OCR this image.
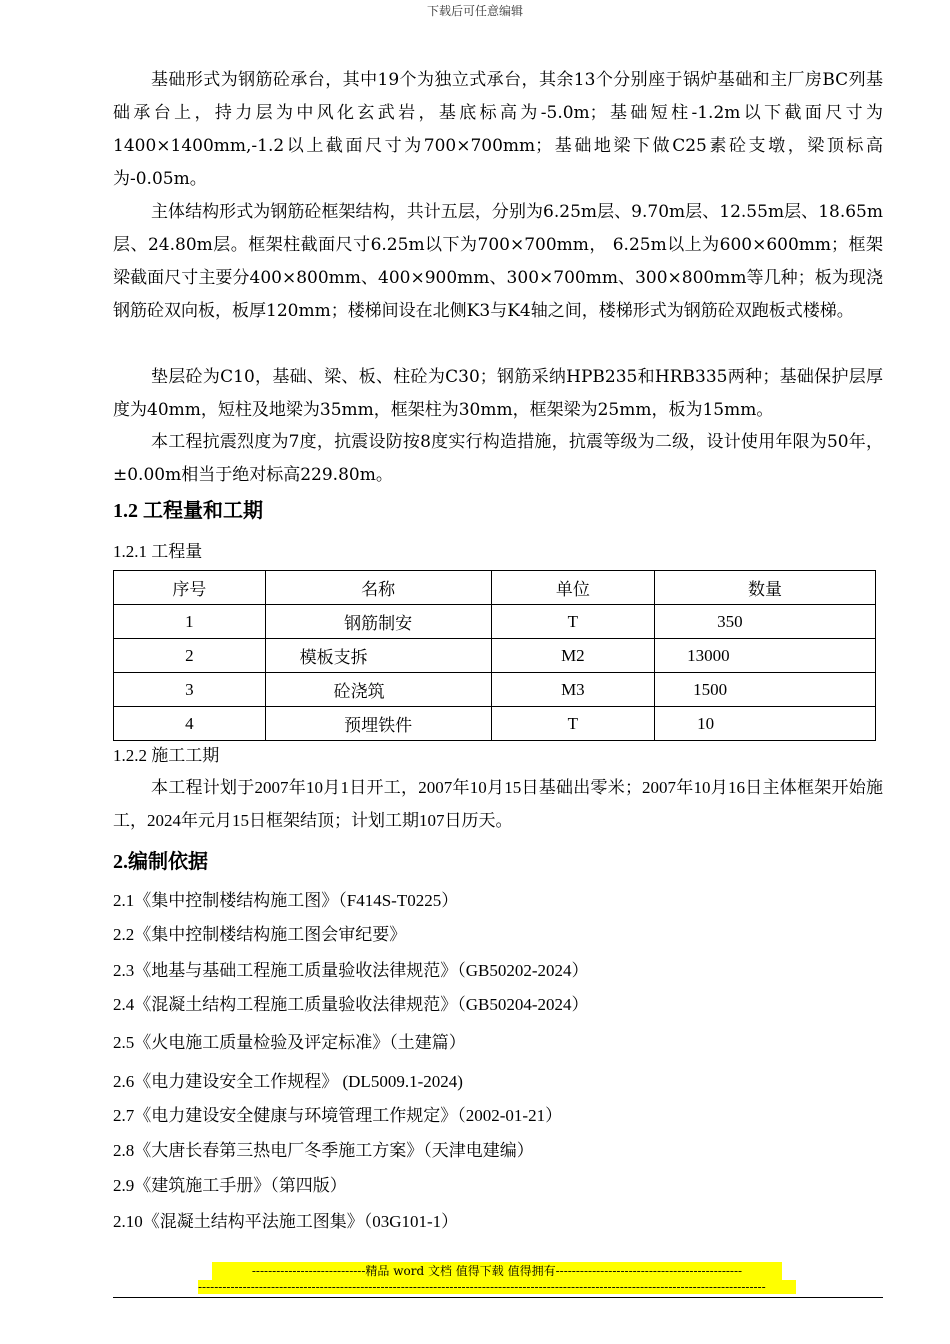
下载后可任意编辑

基础形式为钢筋砼承台，其中19个为独立式承台，其余13个分别座于锅炉基础和主厂房BC列基础承台上，持力层为中风化玄武岩，基底标高为-5.0m；基础短柱-1.2m以下截面尺寸为1400×1400mm,-1.2以上截面尺寸为700×700mm；基础地梁下做C25素砼支墩，梁顶标高为-0.05m。

主体结构形式为钢筋砼框架结构，共计五层，分别为6.25m层、9.70m层、12.55m层、18.65m层、24.80m层。框架柱截面尺寸6.25m以下为700×700mm， 6.25m以上为600×600mm；框架梁截面尺寸主要分400×800mm、400×900mm、300×700mm、300×800mm等几种；板为现浇钢筋砼双向板，板厚120mm；楼梯间设在北侧K3与K4轴之间，楼梯形式为钢筋砼双跑板式楼梯。

垫层砼为C10，基础、梁、板、柱砼为C30；钢筋采纳HPB235和HRB335两种；基础保护层厚度为40mm，短柱及地梁为35mm，框架柱为30mm，框架梁为25mm，板为15mm。

本工程抗震烈度为7度，抗震设防按8度实行构造措施，抗震等级为二级，设计使用年限为50年，±0.00m相当于绝对标高229.80m。

1.2 工程量和工期
1.2.1 工程量
序号	名称	单位	数量
1	钢筋制安	T	350
2	模板支拆	M2	13000
3	砼浇筑	M3	1500
4	预埋铁件	T	10
1.2.2 施工工期

本工程计划于2007年10月1日开工，2007年10月15日基础出零米；2007年10月16日主体框架开始施工，2024年元月15日框架结顶；计划工期107日历天。

2.编制依据
2.1《集中控制楼结构施工图》（F414S-T0225）
2.2《集中控制楼结构施工图会审纪要》
2.3《地基与基础工程施工质量验收法律规范》（GB50202-2024）
2.4《混凝土结构工程施工质量验收法律规范》（GB50204-2024）
2.5《火电施工质量检验及评定标准》（土建篇）
2.6《电力建设安全工作规程》 (DL5009.1-2024)
2.7《电力建设安全健康与环境管理工作规定》（2002-01-21）
2.8《大唐长春第三热电厂冬季施工方案》（天津电建编）
2.9《建筑施工手册》（第四版）
2.10《混凝土结构平法施工图集》（03G101-1）
----------------------------精品 word 文档 值得下载 值得拥有----------------------------------------------
--------------------------------------------------------------------------------------------------------------------------------------------
